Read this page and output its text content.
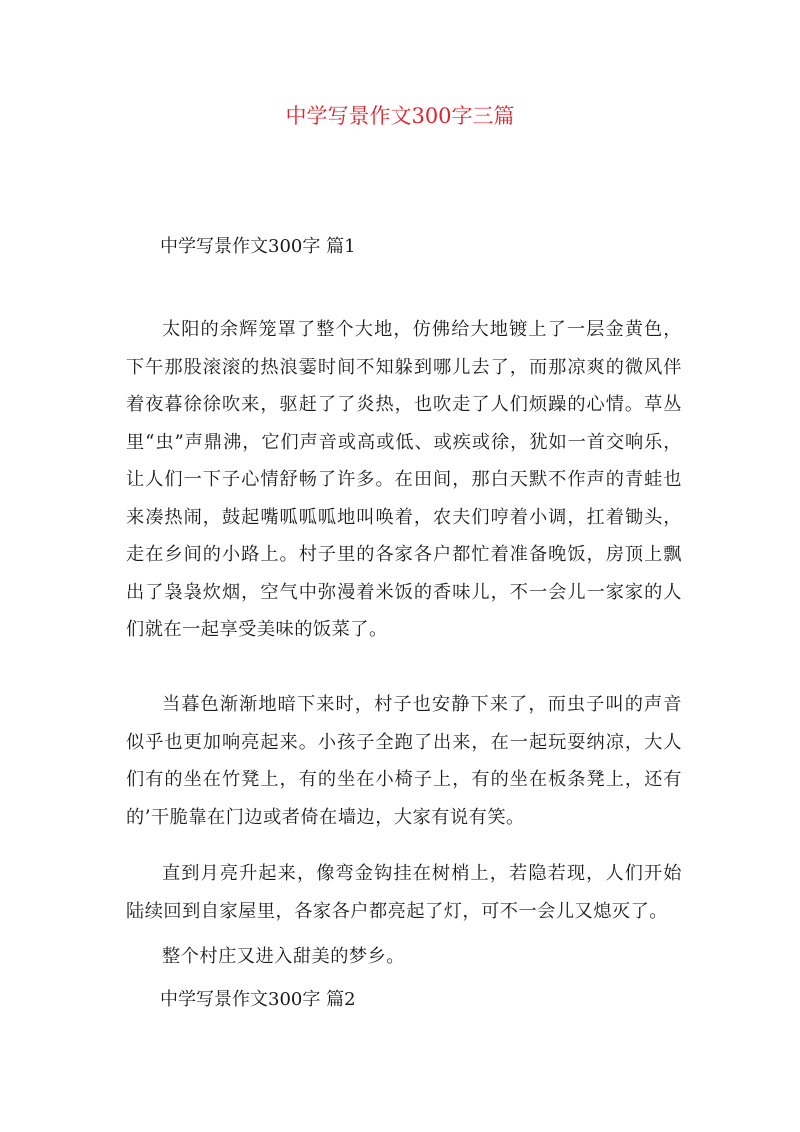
中学写景作文300字三篇

中学写景作文300字 篇1

太阳的余辉笼罩了整个大地，仿佛给大地镀上了一层金黄色，下午那股滚滚的热浪霎时间不知躲到哪儿去了，而那凉爽的微风伴着夜暮徐徐吹来，驱赶了了炎热，也吹走了人们烦躁的心情。草丛里“虫”声鼎沸，它们声音或高或低、或疾或徐，犹如一首交响乐，让人们一下子心情舒畅了许多。在田间，那白天默不作声的青蛙也来凑热闹，鼓起嘴呱呱呱地叫唤着，农夫们哼着小调，扛着锄头，走在乡间的小路上。村子里的各家各户都忙着准备晚饭，房顶上飘出了袅袅炊烟，空气中弥漫着米饭的香味儿，不一会儿一家家的人们就在一起享受美味的饭菜了。

当暮色渐渐地暗下来时，村子也安静下来了，而虫子叫的声音似乎也更加响亮起来。小孩子全跑了出来，在一起玩耍纳凉，大人们有的坐在竹凳上，有的坐在小椅子上，有的坐在板条凳上，还有的’干脆靠在门边或者倚在墙边，大家有说有笑。

直到月亮升起来，像弯金钩挂在树梢上，若隐若现，人们开始陆续回到自家屋里，各家各户都亮起了灯，可不一会儿又熄灭了。

整个村庄又进入甜美的梦乡。

中学写景作文300字 篇2
